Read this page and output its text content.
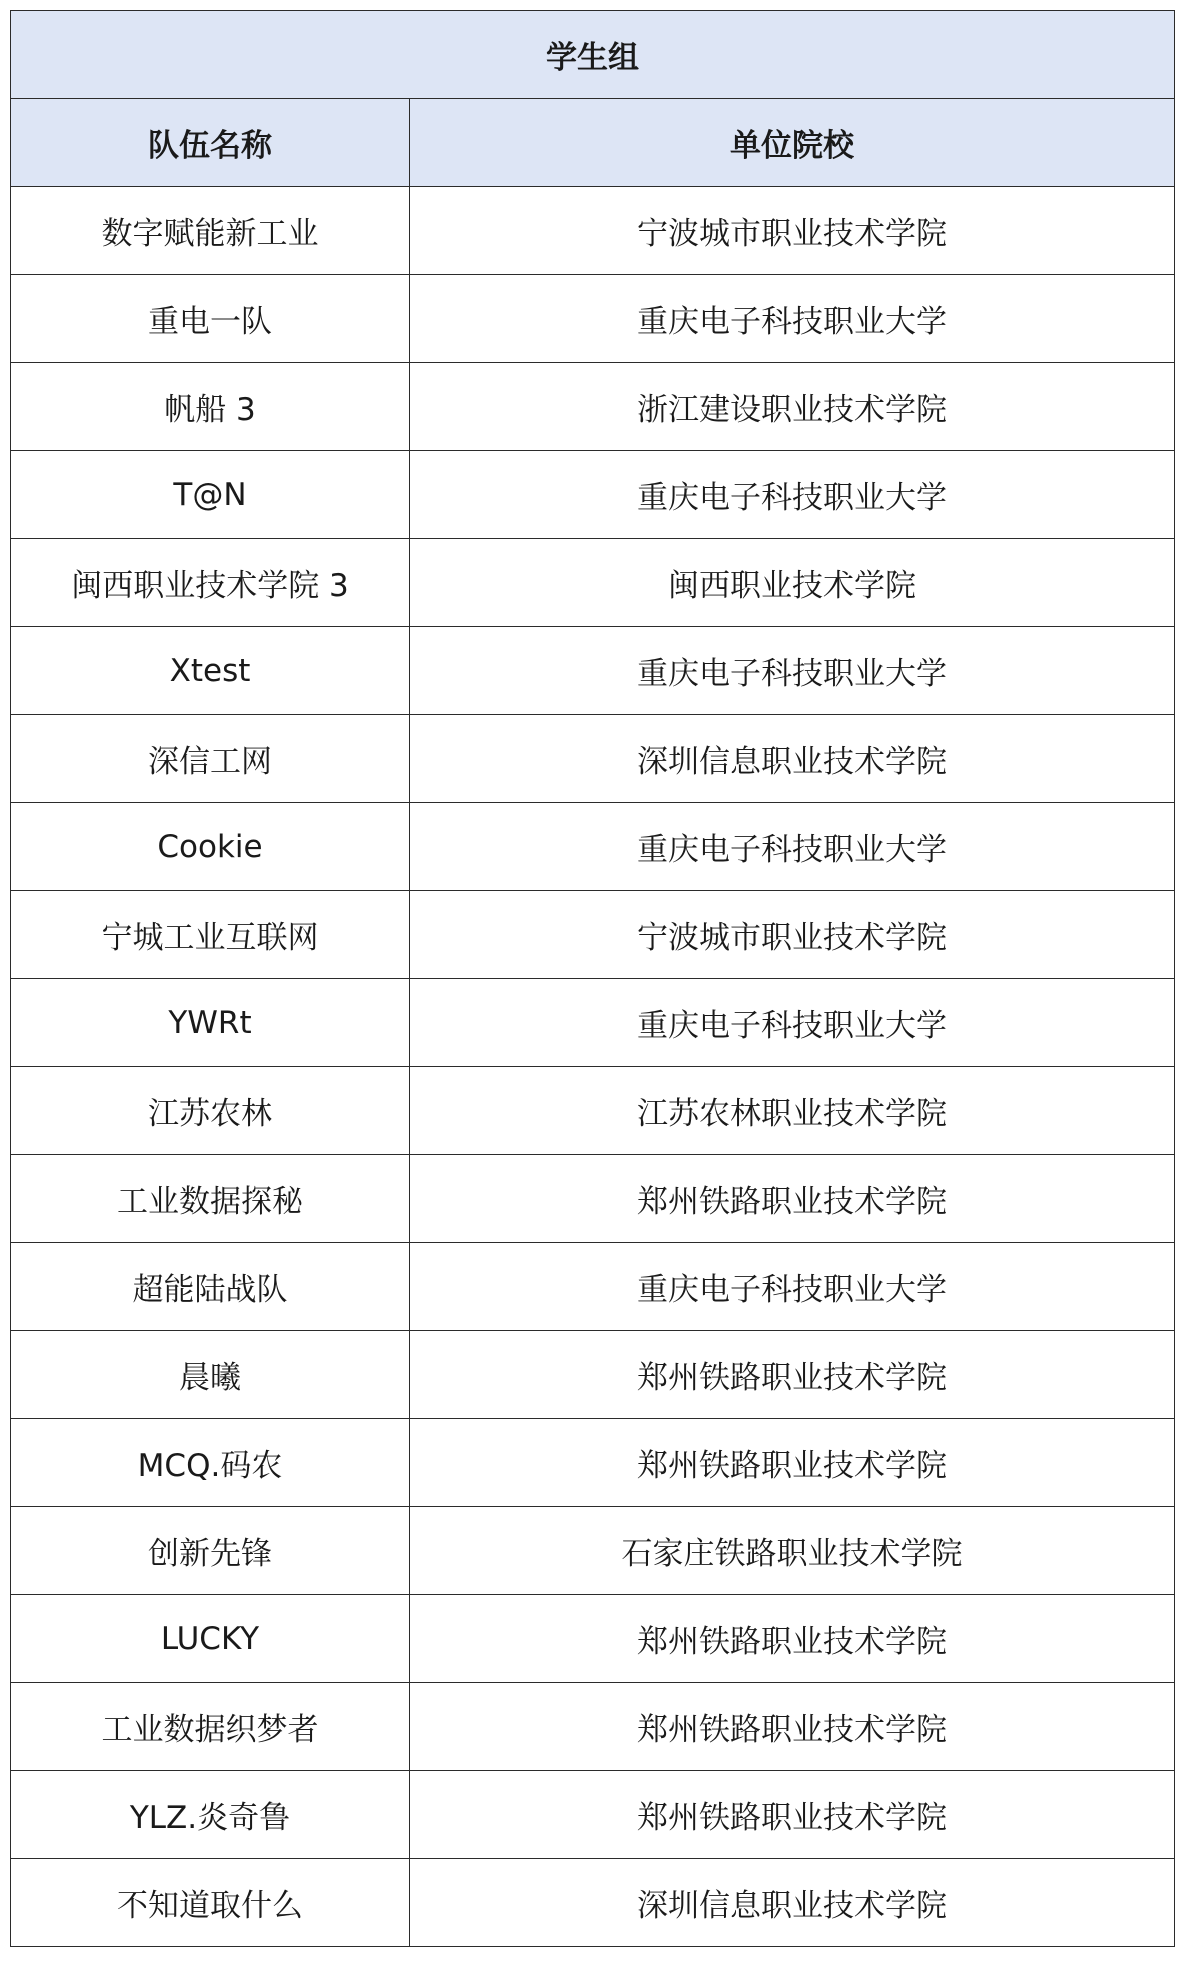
学生组	
队伍名称	单位院校
数字赋能新工业	宁波城市职业技术学院
重电一队	重庆电子科技职业大学
帆船 3	浙江建设职业技术学院
T@N	重庆电子科技职业大学
闽西职业技术学院 3	闽西职业技术学院
Xtest	重庆电子科技职业大学
深信工网	深圳信息职业技术学院
Cookie	重庆电子科技职业大学
宁城工业互联网	宁波城市职业技术学院
YWRt	重庆电子科技职业大学
江苏农林	江苏农林职业技术学院
工业数据探秘	郑州铁路职业技术学院
超能陆战队	重庆电子科技职业大学
晨曦	郑州铁路职业技术学院
MCQ.码农	郑州铁路职业技术学院
创新先锋	石家庄铁路职业技术学院
LUCKY	郑州铁路职业技术学院
工业数据织梦者	郑州铁路职业技术学院
YLZ.炎奇鲁	郑州铁路职业技术学院
不知道取什么	深圳信息职业技术学院
